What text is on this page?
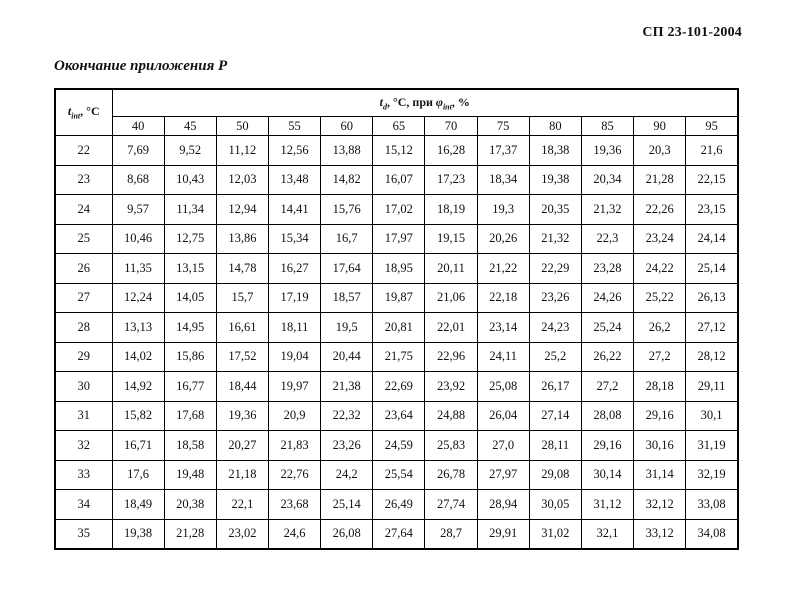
СП 23-101-2004
Окончание приложения Р
$t_{int}$, °С	$t_d$, °С, при $\varphi_{int}$, %											
	40	45	50	55	60	65	70	75	80	85	90	95
22	7,69	9,52	11,12	12,56	13,88	15,12	16,28	17,37	18,38	19,36	20,3	21,6
23	8,68	10,43	12,03	13,48	14,82	16,07	17,23	18,34	19,38	20,34	21,28	22,15
24	9,57	11,34	12,94	14,41	15,76	17,02	18,19	19,3	20,35	21,32	22,26	23,15
25	10,46	12,75	13,86	15,34	16,7	17,97	19,15	20,26	21,32	22,3	23,24	24,14
26	11,35	13,15	14,78	16,27	17,64	18,95	20,11	21,22	22,29	23,28	24,22	25,14
27	12,24	14,05	15,7	17,19	18,57	19,87	21,06	22,18	23,26	24,26	25,22	26,13
28	13,13	14,95	16,61	18,11	19,5	20,81	22,01	23,14	24,23	25,24	26,2	27,12
29	14,02	15,86	17,52	19,04	20,44	21,75	22,96	24,11	25,2	26,22	27,2	28,12
30	14,92	16,77	18,44	19,97	21,38	22,69	23,92	25,08	26,17	27,2	28,18	29,11
31	15,82	17,68	19,36	20,9	22,32	23,64	24,88	26,04	27,14	28,08	29,16	30,1
32	16,71	18,58	20,27	21,83	23,26	24,59	25,83	27,0	28,11	29,16	30,16	31,19
33	17,6	19,48	21,18	22,76	24,2	25,54	26,78	27,97	29,08	30,14	31,14	32,19
34	18,49	20,38	22,1	23,68	25,14	26,49	27,74	28,94	30,05	31,12	32,12	33,08
35	19,38	21,28	23,02	24,6	26,08	27,64	28,7	29,91	31,02	32,1	33,12	34,08
